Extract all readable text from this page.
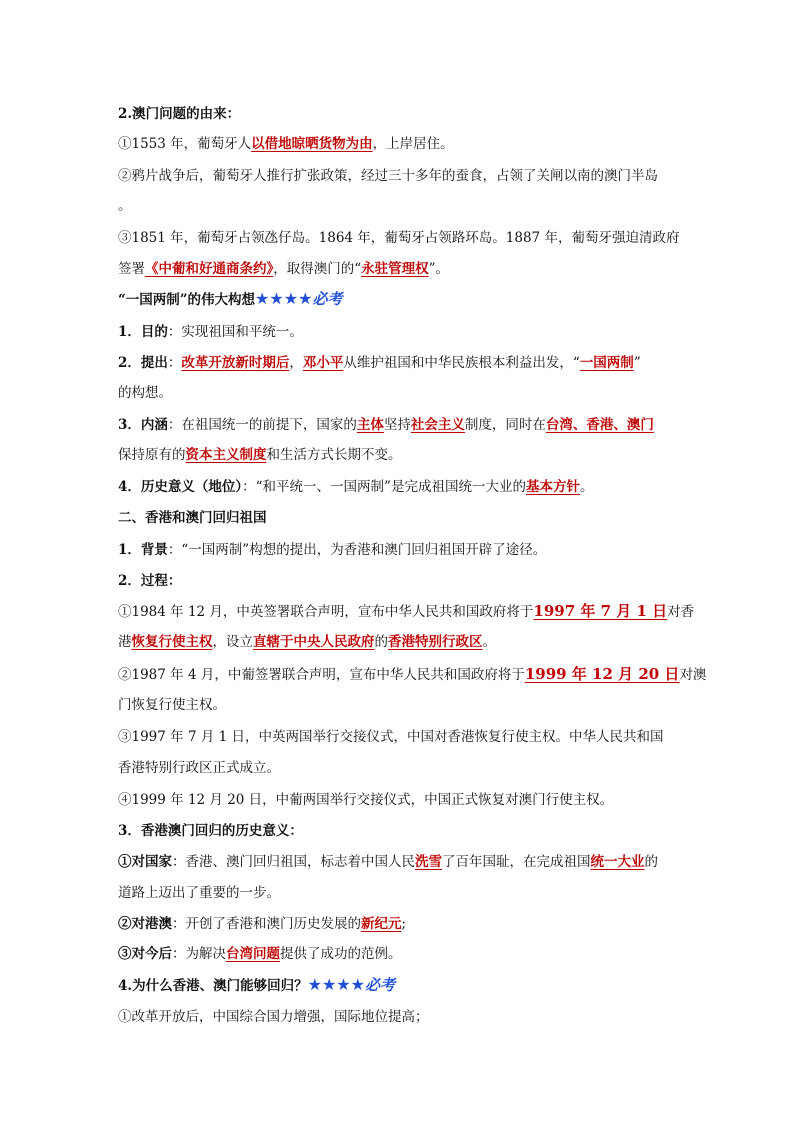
2.澳门问题的由来：
①1553 年，葡萄牙人以借地晾晒货物为由，上岸居住。
②鸦片战争后，葡萄牙人推行扩张政策，经过三十多年的蚕食，占领了关闸以南的澳门半岛
。
③1851 年，葡萄牙占领氹仔岛。1864 年，葡萄牙占领路环岛。1887 年，葡萄牙强迫清政府
签署《中葡和好通商条约》，取得澳门的“永驻管理权”。
“一国两制”的伟大构想★★★★必考
1．目的：实现祖国和平统一。
2．提出：改革开放新时期后，邓小平从维护祖国和中华民族根本利益出发，“一国两制”
的构想。
3．内涵：在祖国统一的前提下，国家的主体坚持社会主义制度，同时在台湾、香港、澳门
保持原有的资本主义制度和生活方式长期不变。
4．历史意义（地位）：“和平统一、一国两制”是完成祖国统一大业的基本方针。
二、香港和澳门回归祖国
1．背景：“一国两制”构想的提出，为香港和澳门回归祖国开辟了途径。
2．过程：
①1984 年 12 月，中英签署联合声明，宣布中华人民共和国政府将于1997 年 7 月 1 日对香
港恢复行使主权，设立直辖于中央人民政府的香港特别行政区。
②1987 年 4 月，中葡签署联合声明，宣布中华人民共和国政府将于1999 年 12 月 20 日对澳
门恢复行使主权。
③1997 年 7 月 1 日，中英两国举行交接仪式，中国对香港恢复行使主权。中华人民共和国
香港特别行政区正式成立。
④1999 年 12 月 20 日，中葡两国举行交接仪式，中国正式恢复对澳门行使主权。
3．香港澳门回归的历史意义：
①对国家：香港、澳门回归祖国，标志着中国人民洗雪了百年国耻，在完成祖国统一大业的
道路上迈出了重要的一步。
②对港澳：开创了香港和澳门历史发展的新纪元;
③对今后：为解决台湾问题提供了成功的范例。
4.为什么香港、澳门能够回归？★★★★必考
①改革开放后，中国综合国力增强，国际地位提高；
